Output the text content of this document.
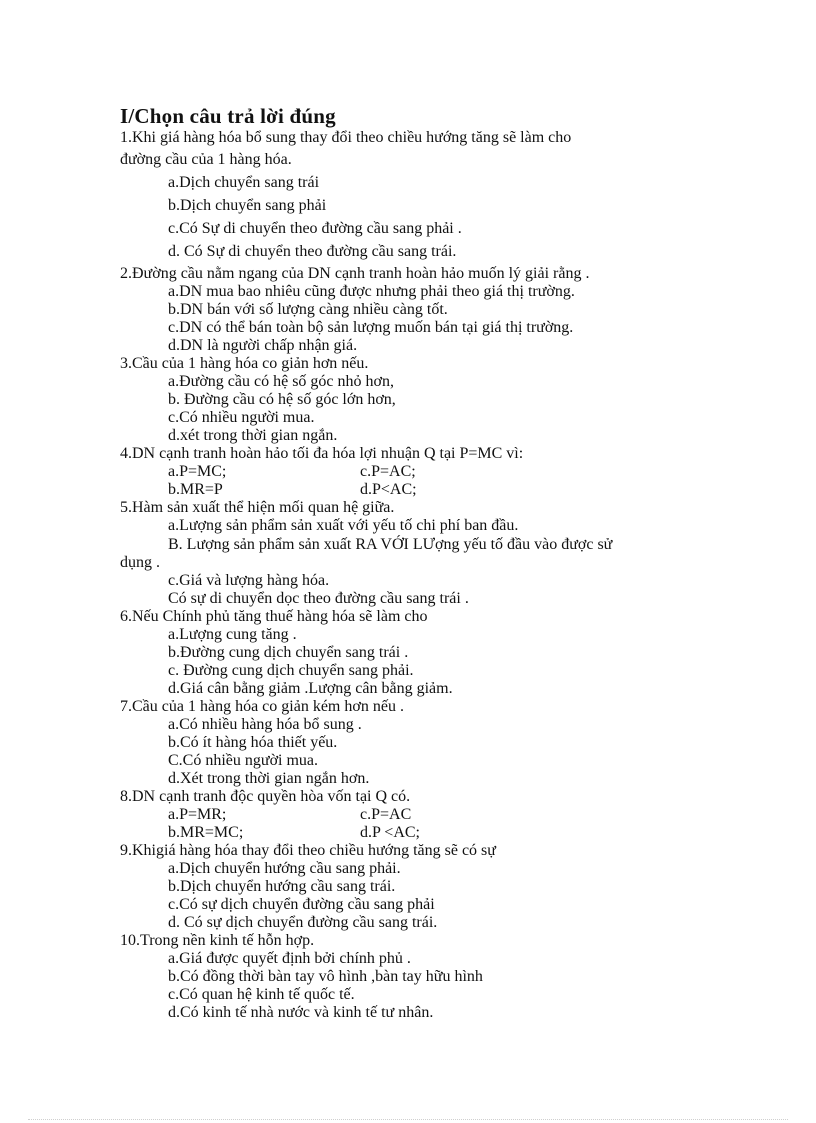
I/Chọn câu trả lời đúng
1.Khi giá hàng hóa bổ sung thay đổi theo chiều hướng tăng sẽ làm cho
đường cầu của 1 hàng hóa.
a.Dịch chuyển sang trái
b.Dịch chuyển sang phải
c.Có Sự di chuyển theo đường cầu sang phải .
d. Có Sự di chuyển theo đường cầu sang trái.
2.Đường cầu nằm ngang của DN cạnh tranh hoàn hảo muốn lý giải rằng .
a.DN mua bao nhiêu cũng được nhưng phải theo giá thị trường.
b.DN bán với số lượng càng nhiều càng tốt.
c.DN có thể bán toàn bộ sản lượng muốn bán tại giá thị trường.
d.DN là người chấp nhận giá.
3.Cầu của 1 hàng hóa co giản hơn nếu.
a.Đường cầu có hệ số góc nhỏ hơn,
b. Đường cầu có hệ số góc lớn hơn,
c.Có nhiều người mua.
d.xét trong thời gian ngắn.
4.DN cạnh tranh hoàn hảo tối đa hóa lợi nhuận Q tại P=MC vì:
a.P=MC;	c.P=AC;
b.MR=P	d.P<AC;
5.Hàm sản xuất thể hiện mối quan hệ giữa.
a.Lượng sản phẩm sản xuất với yếu tố chi phí ban đầu.
B. Lượng sản phẩm sản xuất RA VỚI LƯợng yếu tố đầu vào được sử
dụng .
c.Giá và lượng hàng hóa.
Có sự di chuyển dọc theo đường cầu sang trái .
6.Nếu Chính phủ tăng thuế hàng hóa sẽ làm cho
a.Lượng cung tăng .
b.Đường cung dịch chuyển sang trái .
c. Đường cung dịch chuyển sang phải.
d.Giá cân bằng giảm .Lượng cân bằng giảm.
7.Cầu của 1 hàng hóa co giản kém hơn nếu .
a.Có nhiều hàng hóa bổ sung .
b.Có ít hàng hóa thiết yếu.
C.Có nhiều người mua.
d.Xét trong thời gian ngắn hơn.
8.DN cạnh tranh độc quyền hòa vốn tại Q có.
a.P=MR;	c.P=AC
b.MR=MC;	d.P <AC;
9.Khigiá hàng hóa thay đổi theo chiều hướng tăng sẽ có sự
a.Dịch chuyển hướng cầu sang phải.
b.Dịch chuyển hướng cầu sang trái.
c.Có sự dịch chuyển đường cầu sang phải
d. Có sự dịch chuyển đường cầu sang trái.
10.Trong nền kinh tế hỗn hợp.
a.Giá được quyết định bởi chính phủ .
b.Có đồng thời bàn tay vô hình ,bàn tay hữu hình
c.Có quan hệ kinh tế quốc tế.
d.Có kinh tế nhà nước và kinh tế tư nhân.
